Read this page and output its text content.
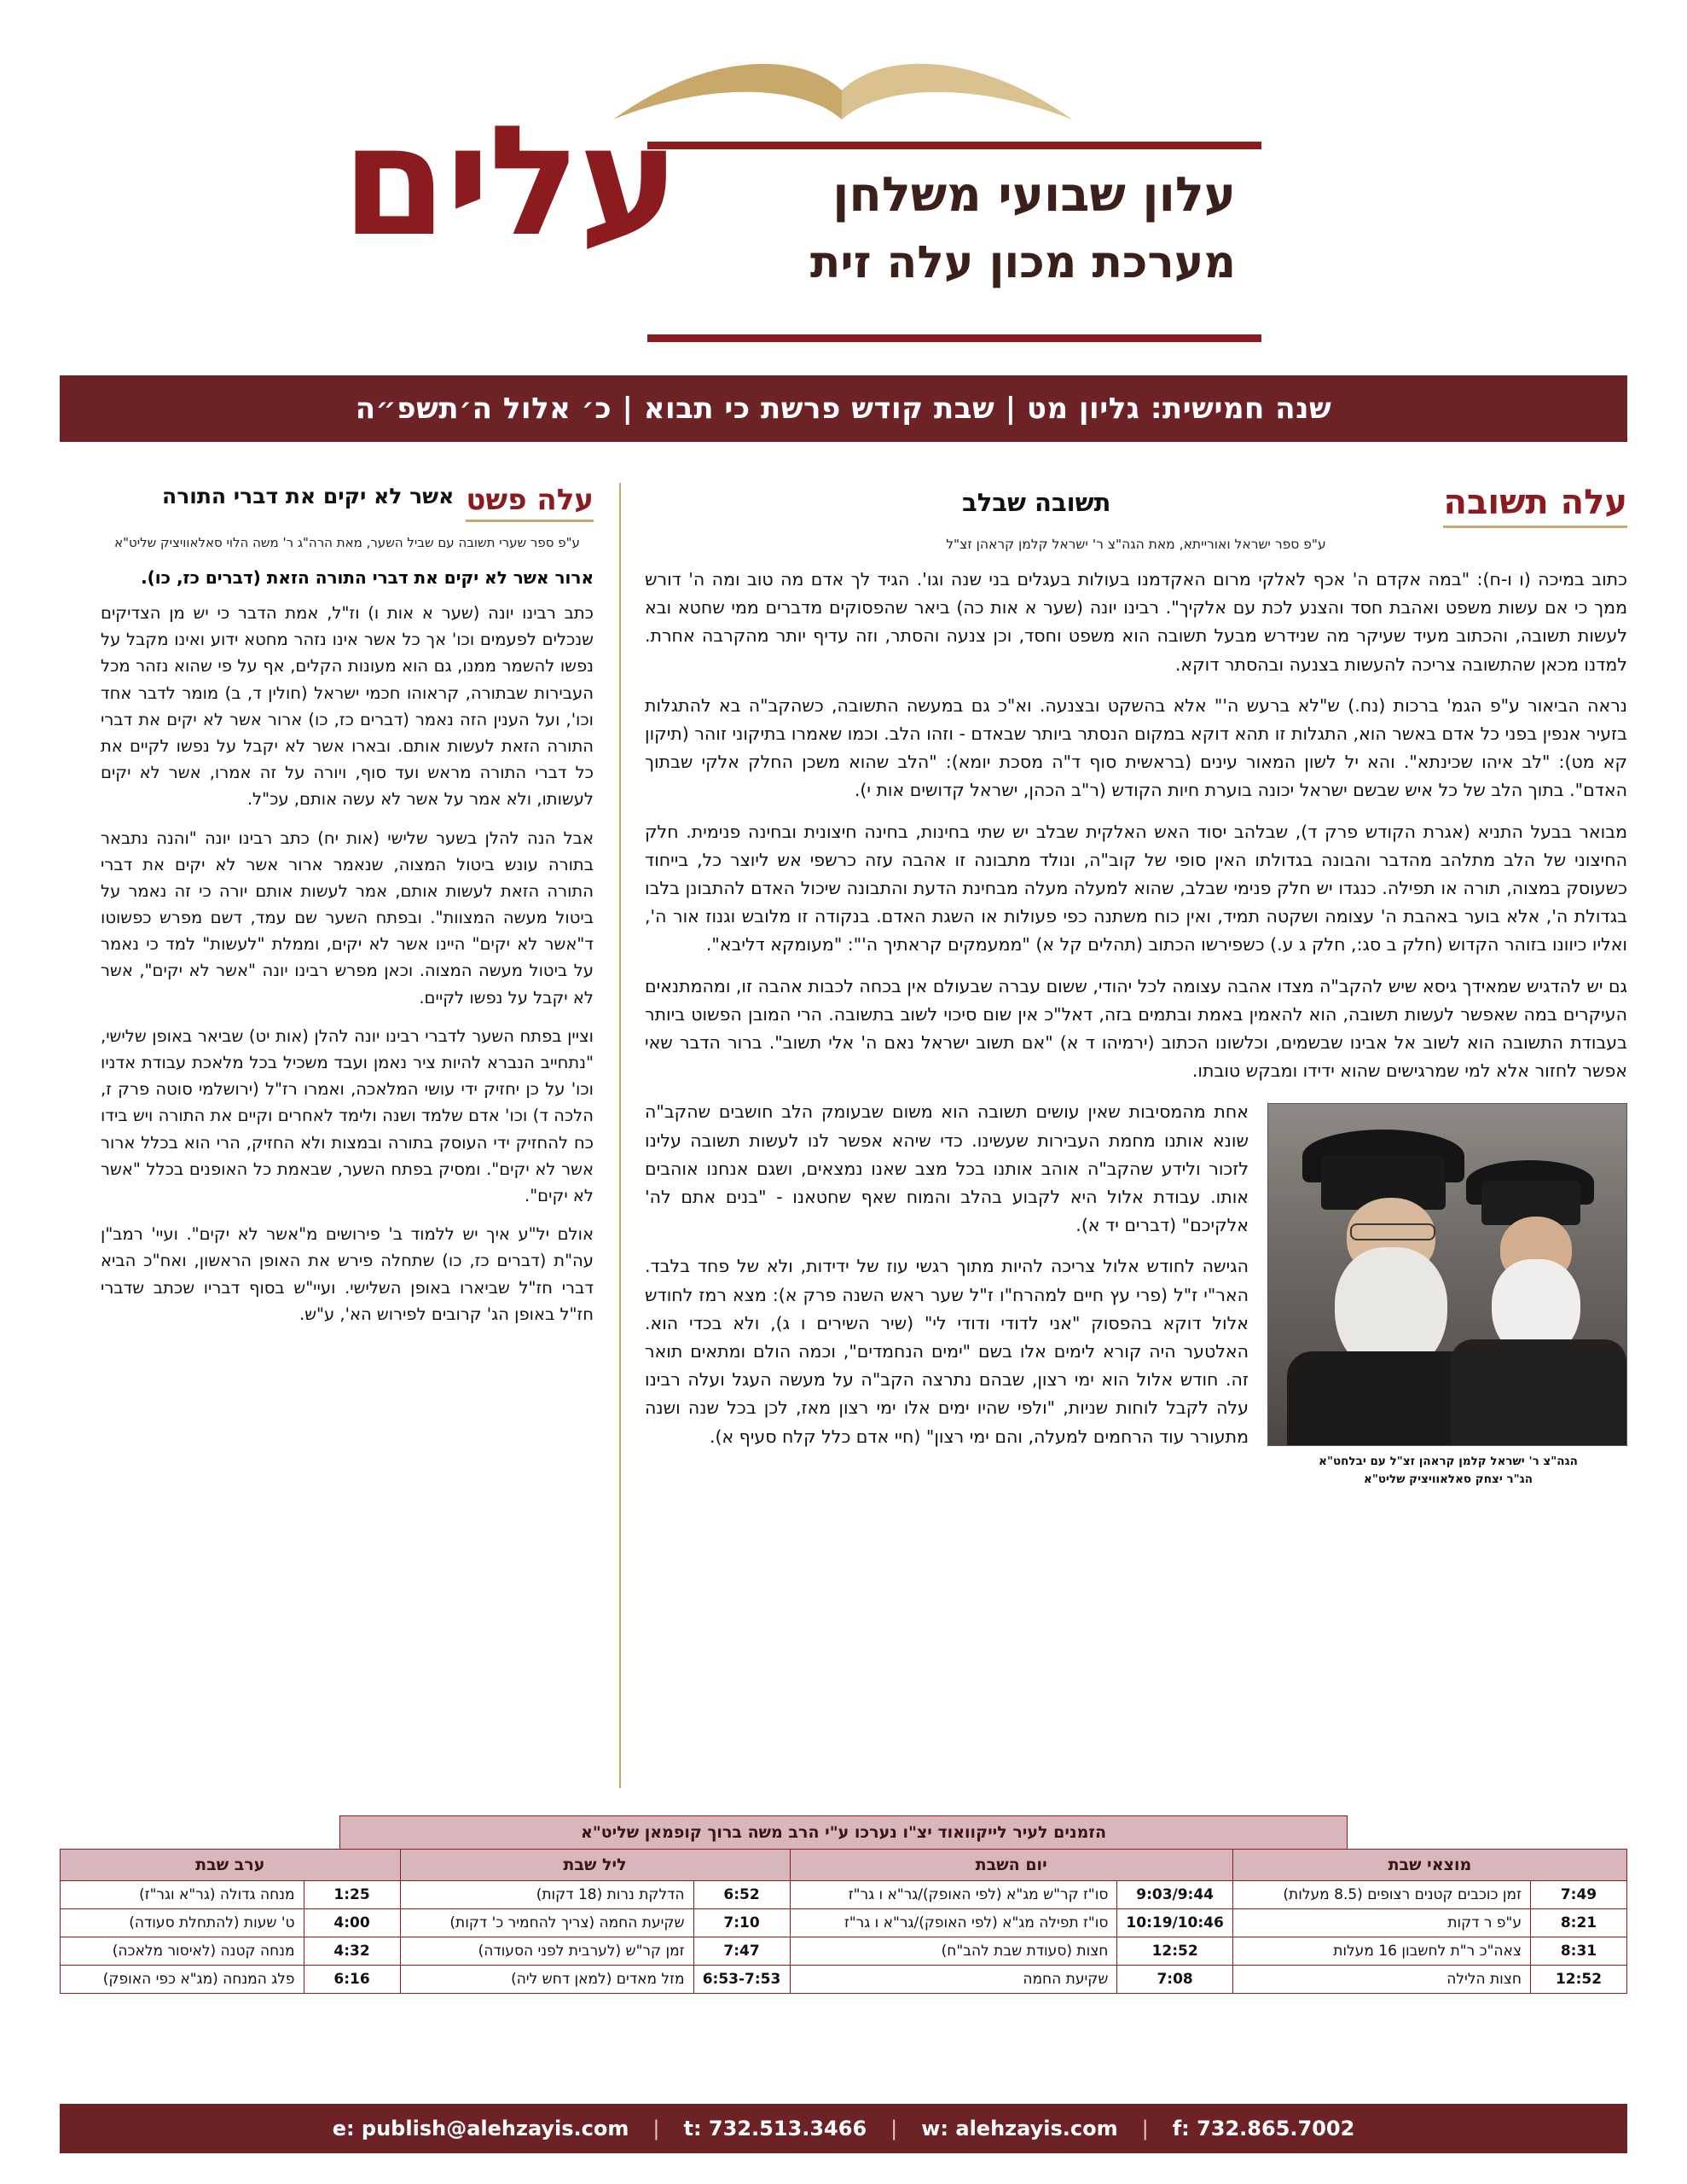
עלים	עלון שבועי משלחן
מערכת מכון עלה זית
שנה חמישית: גליון מט | שבת קודש פרשת כי תבוא | כ׳ אלול ה׳תשפ״ה
עלה תשובה
תשובה שבלב
ע"פ ספר ישראל ואורייתא, מאת הגה"צ ר' ישראל קלמן קראהן זצ"ל

כתוב במיכה (ו ו-ח): "במה אקדם ה' אכף לאלקי מרום האקדמנו בעולות בעגלים בני שנה וגו'. הגיד לך אדם מה טוב ומה ה' דורש ממך כי אם עשות משפט ואהבת חסד והצנע לכת עם אלקיך". רבינו יונה (שער א אות כה) ביאר שהפסוקים מדברים ממי שחטא ובא לעשות תשובה, והכתוב מעיד שעיקר מה שנידרש מבעל תשובה הוא משפט וחסד, וכן צנעה והסתר, וזה עדיף יותר מהקרבה אחרת. למדנו מכאן שהתשובה צריכה להעשות בצנעה ובהסתר דוקא.

נראה הביאור ע"פ הגמ' ברכות (נח.) ש"לא ברעש ה'" אלא בהשקט ובצנעה. וא"כ גם במעשה התשובה, כשהקב"ה בא להתגלות בזעיר אנפין בפני כל אדם באשר הוא, התגלות זו תהא דוקא במקום הנסתר ביותר שבאדם - וזהו הלב. וכמו שאמרו בתיקוני זוהר (תיקון קא מט): "לב איהו שכינתא". והא יל לשון המאור עינים (בראשית סוף ד"ה מסכת יומא): "הלב שהוא משכן החלק אלקי שבתוך האדם". בתוך הלב של כל איש שבשם ישראל יכונה בוערת חיות הקודש (ר"ב הכהן, ישראל קדושים אות י).

מבואר בבעל התניא (אגרת הקודש פרק ד), שבלהב יסוד האש האלקית שבלב יש שתי בחינות, בחינה חיצונית ובחינה פנימית. חלק החיצוני של הלב מתלהב מהדבר והבונה בגדולתו האין סופי של קוב"ה, ונולד מתבונה זו אהבה עזה כרשפי אש ליוצר כל, בייחוד כשעוסק במצוה, תורה או תפילה. כנגדו יש חלק פנימי שבלב, שהוא למעלה מעלה מבחינת הדעת והתבונה שיכול האדם להתבונן בלבו בגדולת ה', אלא בוער באהבת ה' עצומה ושקטה תמיד, ואין כוח משתנה כפי פעולות או השגת האדם. בנקודה זו מלובש וגנוז אור ה', ואליו כיוונו בזוהר הקדוש (חלק ב סג:, חלק ג ע.) כשפירשו הכתוב (תהלים קל א) "ממעמקים קראתיך ה'": "מעומקא דליבא".

גם יש להדגיש שמאידך גיסא שיש להקב"ה מצדו אהבה עצומה לכל יהודי, ששום עברה שבעולם אין בכחה לכבות אהבה זו, ומהמתנאים העיקרים במה שאפשר לעשות תשובה, הוא להאמין באמת ובתמים בזה, דאל"כ אין שום סיכוי לשוב בתשובה. הרי המובן הפשוט ביותר בעבודת התשובה הוא לשוב אל אבינו שבשמים, וכלשונו הכתוב (ירמיהו ד א) "אם תשוב ישראל נאם ה' אלי תשוב". ברור הדבר שאי אפשר לחזור אלא למי שמרגישים שהוא ידידו ומבקש טובתו.

הגה"צ ר' ישראל קלמן קראהן זצ"ל עם יבלחט"א
הג"ר יצחק סאלאוויציק שליט"א

אחת מהמסיבות שאין עושים תשובה הוא משום שבעומק הלב חושבים שהקב"ה שונא אותנו מחמת העבירות שעשינו. כדי שיהא אפשר לנו לעשות תשובה עלינו לזכור ולידע שהקב"ה אוהב אותנו בכל מצב שאנו נמצאים, ושגם אנחנו אוהבים אותו. עבודת אלול היא לקבוע בהלב והמוח שאף שחטאנו - "בנים אתם לה' אלקיכם" (דברים יד א).

הגישה לחודש אלול צריכה להיות מתוך רגשי עוז של ידידות, ולא של פחד בלבד. האר"י ז"ל (פרי עץ חיים למהרח"ו ז"ל שער ראש השנה פרק א): מצא רמז לחודש אלול דוקא בהפסוק "אני לדודי ודודי לי" (שיר השירים ו ג), ולא בכדי הוא. האלטער היה קורא לימים אלו בשם "ימים הנחמדים", וכמה הולם ומתאים תואר זה. חודש אלול הוא ימי רצון, שבהם נתרצה הקב"ה על מעשה העגל ועלה רבינו עלה לקבל לוחות שניות, "ולפי שהיו ימים אלו ימי רצון מאז, לכן בכל שנה ושנה מתעורר עוד הרחמים למעלה, והם ימי רצון" (חיי אדם כלל קלח סעיף א).

עלה פשט
אשר לא יקים את דברי התורה
ע"פ ספר שערי תשובה עם שביל השער, מאת הרה"ג ר' משה הלוי סאלאוויציק שליט"א
ארור אשר לא יקים את דברי התורה הזאת (דברים כז, כו).

כתב רבינו יונה (שער א אות ו) וז"ל, אמת הדבר כי יש מן הצדיקים שנכלים לפעמים וכו' אך כל אשר אינו נזהר מחטא ידוע ואינו מקבל על נפשו להשמר ממנו, גם הוא מעונות הקלים, אף על פי שהוא נזהר מכל העבירות שבתורה, קראוהו חכמי ישראל (חולין ד, ב) מומר לדבר אחד וכו', ועל הענין הזה נאמר (דברים כז, כו) ארור אשר לא יקים את דברי התורה הזאת לעשות אותם. ובארו אשר לא יקבל על נפשו לקיים את כל דברי התורה מראש ועד סוף, ויורה על זה אמרו, אשר לא יקים לעשותו, ולא אמר על אשר לא עשה אותם, עכ"ל.

אבל הנה להלן בשער שלישי (אות יח) כתב רבינו יונה "והנה נתבאר בתורה עונש ביטול המצוה, שנאמר ארור אשר לא יקים את דברי התורה הזאת לעשות אותם, אמר לעשות אותם יורה כי זה נאמר על ביטול מעשה המצוות". ובפתח השער שם עמד, דשם מפרש כפשוטו ד"אשר לא יקים" היינו אשר לא יקים, וממלת "לעשות" למד כי נאמר על ביטול מעשה המצוה. וכאן מפרש רבינו יונה "אשר לא יקים", אשר לא יקבל על נפשו לקיים.

וציין בפתח השער לדברי רבינו יונה להלן (אות יט) שביאר באופן שלישי, "נתחייב הנברא להיות ציר נאמן ועבד משכיל בכל מלאכת עבודת אדניו וכו' על כן יחזיק ידי עושי המלאכה, ואמרו רז"ל (ירושלמי סוטה פרק ז, הלכה ד) וכו' אדם שלמד ושנה ולימד לאחרים וקיים את התורה ויש בידו כח להחזיק ידי העוסק בתורה ובמצות ולא החזיק, הרי הוא בכלל ארור אשר לא יקים". ומסיק בפתח השער, שבאמת כל האופנים בכלל "אשר לא יקים".

אולם יל"ע איך יש ללמוד ב' פירושים מ"אשר לא יקים". ועיי' רמב"ן עה"ת (דברים כז, כו) שתחלה פירש את האופן הראשון, ואח"כ הביא דברי חז"ל שביארו באופן השלישי. ועיי"ש בסוף דבריו שכתב שדברי חז"ל באופן הג' קרובים לפירוש הא', ע"ש.

הזמנים לעיר לייקוואוד יצ"ו נערכו ע"י הרב משה ברוך קופמאן שליט"א
מוצאי שבת		יום השבת		ליל שבת		ערב שבת	
7:49	זמן כוכבים קטנים רצופים (8.5 מעלות)	9:03/9:44	סו"ז קר"ש מג"א (לפי האופק)/גר"א ו גר"ז	6:52	הדלקת נרות (18 דקות)	1:25	מנחה גדולה (גר"א וגר"ז)
8:21	ע"פ ר דקות	10:19/10:46	סו"ז תפילה מג"א (לפי האופק)/גר"א ו גר"ז	7:10	שקיעת החמה (צריך להחמיר כ' דקות)	4:00	ט' שעות (להתחלת סעודה)
8:31	צאה"כ ר"ת לחשבון 16 מעלות	12:52	חצות (סעודת שבת להב"ח)	7:47	זמן קר"ש (לערבית לפני הסעודה)	4:32	מנחה קטנה (לאיסור מלאכה)
12:52	חצות הלילה	7:08	שקיעת החמה	6:53-7:53	מזל מאדים (למאן דחש ליה)	6:16	פלג המנחה (מג"א כפי האופק)
e: publish@alehzayis.com | t: 732.513.3466 | w: alehzayis.com | f: 732.865.7002
